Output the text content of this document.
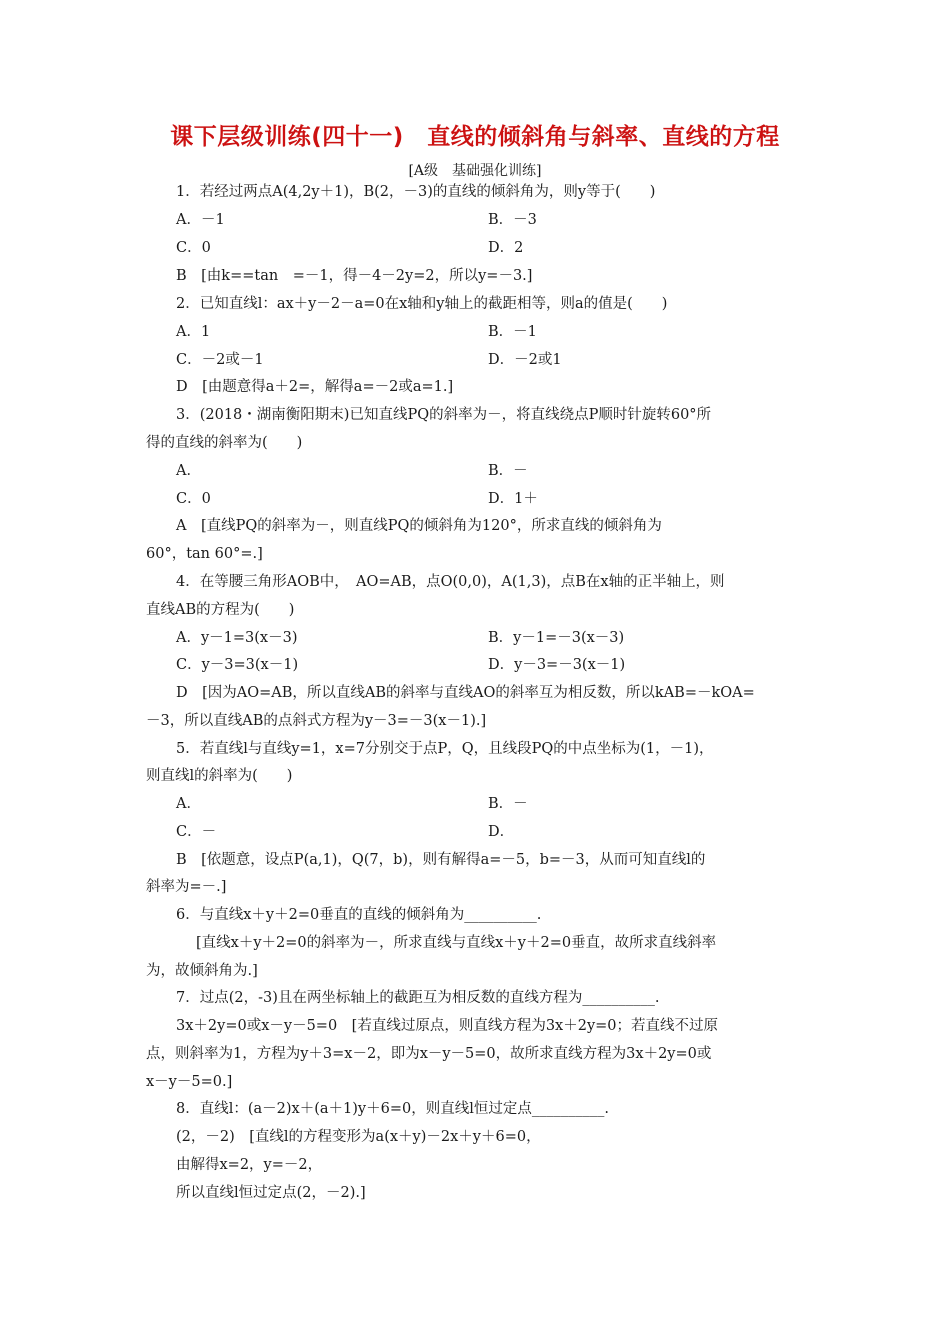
课下层级训练(四十一)　直线的倾斜角与斜率、直线的方程
[A级　基础强化训练]
1．若经过两点A(4,2y＋1)，B(2，－3)的直线的倾斜角为，则y等于(　　)
A．－1	B．－3
C．0	D．2
B　[由k==tan　=－1，得－4－2y=2，所以y=－3.]
2．已知直线l：ax＋y－2－a=0在x轴和y轴上的截距相等，则a的值是(　　)
A．1	B．－1
C．－2或－1	D．－2或1
D　[由题意得a＋2=，解得a=－2或a=1.]
3．(2018・湖南衡阳期末)已知直线PQ的斜率为－，将直线绕点P顺时针旋转60°所
得的直线的斜率为(　　)
A．	B．－
C．0	D．1＋
A　[直线PQ的斜率为－，则直线PQ的倾斜角为120°，所求直线的倾斜角为
60°，tan 60°=.]
4．在等腰三角形AOB中，　AO=AB，点O(0,0)，A(1,3)，点B在x轴的正半轴上，则
直线AB的方程为(　　)
A．y－1=3(x－3)	B．y－1=－3(x－3)
C．y－3=3(x－1)	D．y－3=－3(x－1)
D　[因为AO=AB，所以直线AB的斜率与直线AO的斜率互为相反数，所以kAB=－kOA=
－3，所以直线AB的点斜式方程为y－3=－3(x－1).]
5．若直线l与直线y=1，x=7分别交于点P，Q，且线段PQ的中点坐标为(1，－1)，
则直线l的斜率为(　　)
A．	B．－
C．－	D．
B　[依题意，设点P(a,1)，Q(7，b)，则有解得a=－5，b=－3，从而可知直线l的
斜率为=－.]
6．与直线x＋y＋2=0垂直的直线的倾斜角为__________.
[直线x＋y＋2=0的斜率为－，所求直线与直线x＋y＋2=0垂直，故所求直线斜率
为，故倾斜角为.]
7．过点(2，-3)且在两坐标轴上的截距互为相反数的直线方程为__________.
3x＋2y=0或x－y－5=0　[若直线过原点，则直线方程为3x＋2y=0；若直线不过原
点，则斜率为1，方程为y＋3=x－2，即为x－y－5=0，故所求直线方程为3x＋2y=0或
x－y－5=0.]
8．直线l：(a－2)x＋(a＋1)y＋6=0，则直线l恒过定点__________.
(2，－2)　[直线l的方程变形为a(x＋y)－2x＋y＋6=0，
由解得x=2，y=－2，
所以直线l恒过定点(2，－2).]
